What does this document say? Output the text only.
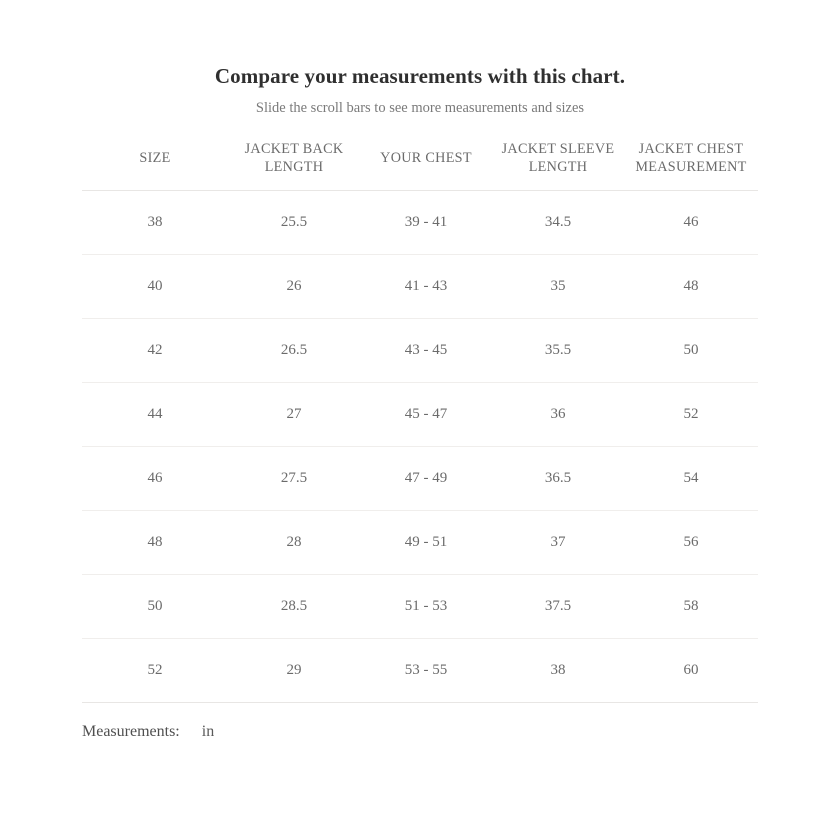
Compare your measurements with this chart.

Slide the scroll bars to see more measurements and sizes

SIZE	JACKET BACK LENGTH	YOUR CHEST	JACKET SLEEVE LENGTH	JACKET CHEST MEASUREMENT
38	25.5	39 - 41	34.5	46
40	26	41 - 43	35	48
42	26.5	43 - 45	35.5	50
44	27	45 - 47	36	52
46	27.5	47 - 49	36.5	54
48	28	49 - 51	37	56
50	28.5	51 - 53	37.5	58
52	29	53 - 55	38	60
Measurements: in
